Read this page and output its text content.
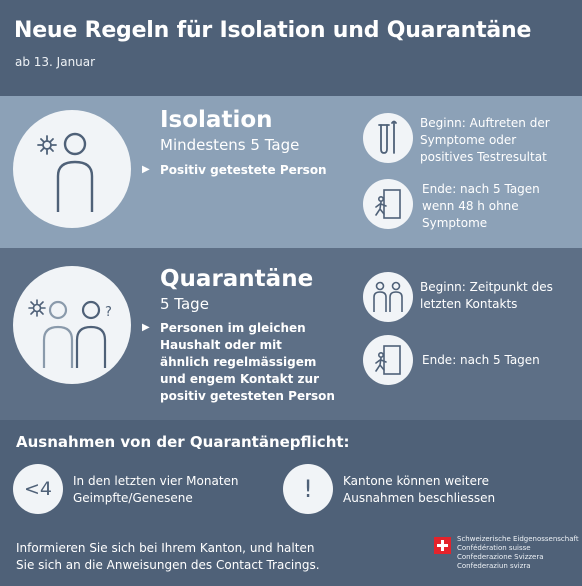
Neue Regeln für Isolation und Quarantäne
ab 13. Januar
Isolation
Mindestens 5 Tage
▶ Positiv getestete Person
Beginn: Auftreten der Symptome oder positives Testresultat
Ende: nach 5 Tagen wenn 48 h ohne Symptome
?
Quarantäne
5 Tage
▶ Personen im gleichen Haushalt oder mit ähnlich regelmässigem und engem Kontakt zur positiv getesteten Person
Beginn: Zeitpunkt des letzten Kontakts
Ende: nach 5 Tagen
Ausnahmen von der Quarantänepflicht:
<4 In den letzten vier Monaten Geimpfte/Genesene	!	Kantone können weitere Ausnahmen beschliessen
Informieren Sie sich bei Ihrem Kanton, und halten Sie sich an die Anweisungen des Contact Tracings.
Schweizerische Eidgenossenschaft
Confédération suisse
Confederazione Svizzera
Confederaziun svizra
